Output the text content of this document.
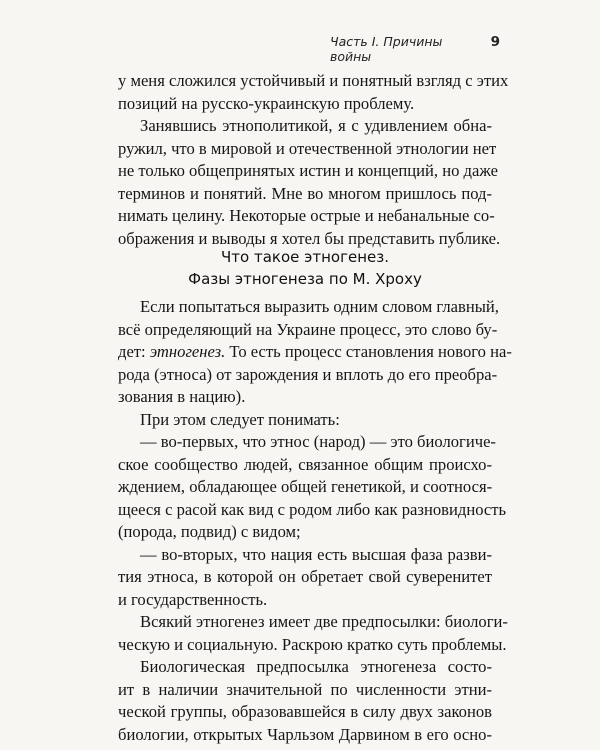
Часть I. Причины войны
9
у меня сложился устойчивый и понятный взгляд с этих
позиций на русско-украинскую проблему.
Занявшись этнополитикой, я с удивлением обна-
ружил, что в мировой и отечественной этнологии нет
не только общепринятых истин и концепций, но даже
терминов и понятий. Мне во многом пришлось под-
нимать целину. Некоторые острые и небанальные со-
ображения и выводы я хотел бы представить публике.
Что такое этногенез.
Фазы этногенеза по М. Хроху
Если попытаться выразить одним словом главный,
всё определяющий на Украине процесс, это слово бу-
дет: этногенез. То есть процесс становления нового на-
рода (этноса) от зарождения и вплоть до его преобра-
зования в нацию).
При этом следует понимать:
— во-первых, что этнос (народ) — это биологиче-
ское сообщество людей, связанное общим происхо-
ждением, обладающее общей генетикой, и соотнося-
щееся с расой как вид с родом либо как разновидность
(порода, подвид) с видом;
— во-вторых, что нация есть высшая фаза разви-
тия этноса, в которой он обретает свой суверенитет
и государственность.
Всякий этногенез имеет две предпосылки: биологи-
ческую и социальную. Раскрою кратко суть проблемы.
Биологическая предпосылка этногенеза состо-
ит в наличии значительной по численности этни-
ческой группы, образовавшейся в силу двух законов
биологии, открытых Чарльзом Дарвином в его осно-
